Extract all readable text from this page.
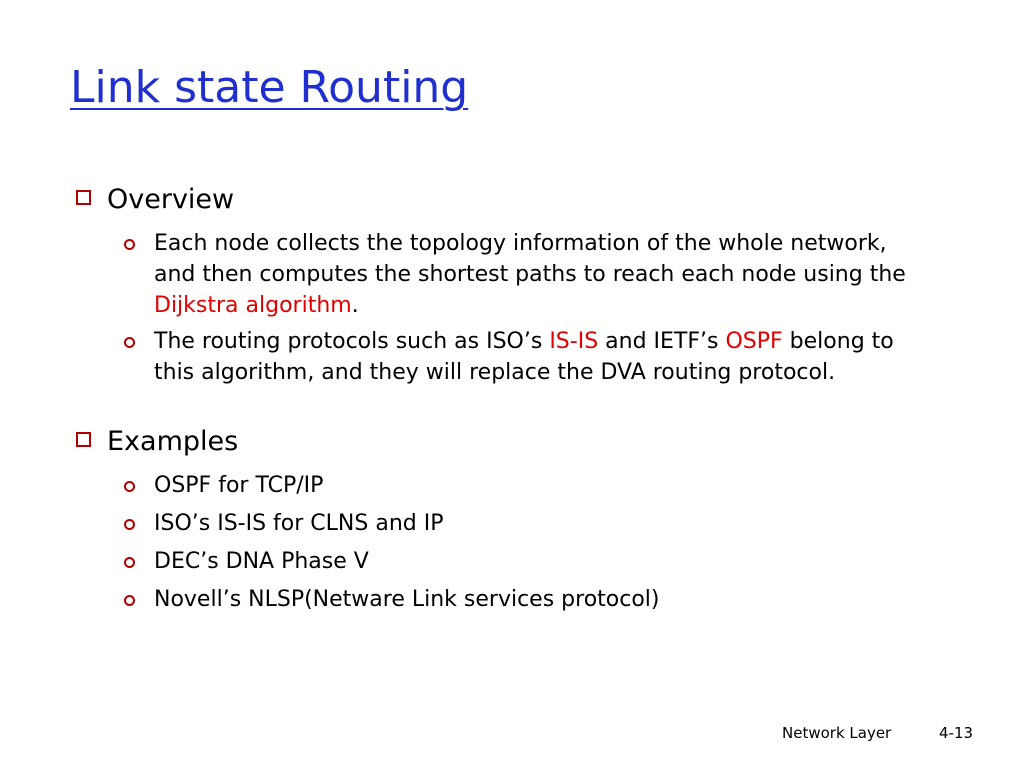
Link state Routing
Overview
Each node collects the topology information of the whole network, and then computes the shortest paths to reach each node using the Dijkstra algorithm.
The routing protocols such as ISO’s IS-IS and IETF’s OSPF belong to this algorithm, and they will replace the DVA routing protocol.
Examples
OSPF for TCP/IP
ISO’s IS-IS for CLNS and IP
DEC’s DNA Phase V
Novell’s NLSP(Netware Link services protocol)
Network Layer	4-13
